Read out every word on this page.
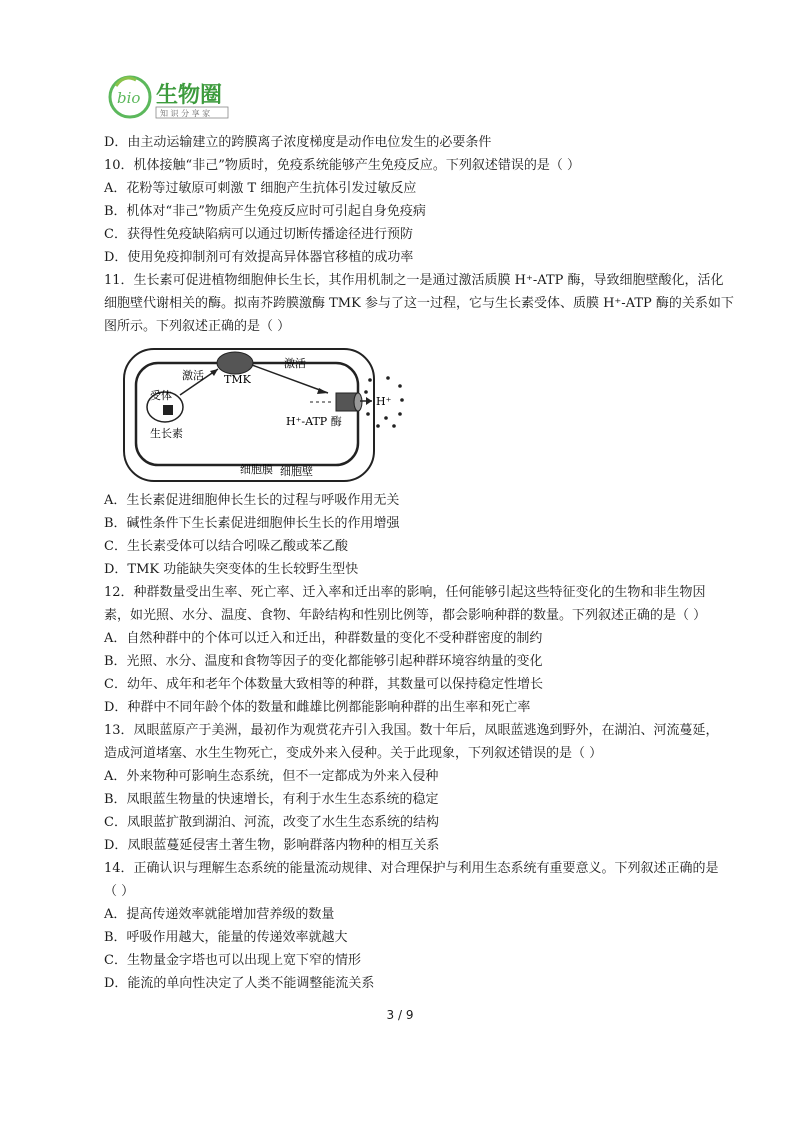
bio 生物圈
知 识 分 享 家
D．由主动运输建立的跨膜离子浓度梯度是动作电位发生的必要条件
10．机体接触“非己”物质时，免疫系统能够产生免疫反应。下列叙述错误的是（ ）
A．花粉等过敏原可刺激 T 细胞产生抗体引发过敏反应
B．机体对“非己”物质产生免疫反应时可引起自身免疫病
C．获得性免疫缺陷病可以通过切断传播途径进行预防
D．使用免疫抑制剂可有效提高异体器官移植的成功率
11．生长素可促进植物细胞伸长生长，其作用机制之一是通过激活质膜 H⁺-ATP 酶，导致细胞壁酸化，活化
细胞壁代谢相关的酶。拟南芥跨膜激酶 TMK 参与了这一过程，它与生长素受体、质膜 H⁺-ATP 酶的关系如下
图所示。下列叙述正确的是（ ）
TMK
受体
生长素
激活
激活
H⁺-ATP 酶
细胞膜 细胞壁
H⁺
A．生长素促进细胞伸长生长的过程与呼吸作用无关
B．碱性条件下生长素促进细胞伸长生长的作用增强
C．生长素受体可以结合吲哚乙酸或苯乙酸
D．TMK 功能缺失突变体的生长较野生型快
12．种群数量受出生率、死亡率、迁入率和迁出率的影响，任何能够引起这些特征变化的生物和非生物因
素，如光照、水分、温度、食物、年龄结构和性别比例等，都会影响种群的数量。下列叙述正确的是（ ）
A．自然种群中的个体可以迁入和迁出，种群数量的变化不受种群密度的制约
B．光照、水分、温度和食物等因子的变化都能够引起种群环境容纳量的变化
C．幼年、成年和老年个体数量大致相等的种群，其数量可以保持稳定性增长
D．种群中不同年龄个体的数量和雌雄比例都能影响种群的出生率和死亡率
13．凤眼蓝原产于美洲，最初作为观赏花卉引入我国。数十年后，凤眼蓝逃逸到野外，在湖泊、河流蔓延，
造成河道堵塞、水生生物死亡，变成外来入侵种。关于此现象，下列叙述错误的是（ ）
A．外来物种可影响生态系统，但不一定都成为外来入侵种
B．凤眼蓝生物量的快速增长，有利于水生生态系统的稳定
C．凤眼蓝扩散到湖泊、河流，改变了水生生态系统的结构
D．凤眼蓝蔓延侵害土著生物，影响群落内物种的相互关系
14．正确认识与理解生态系统的能量流动规律、对合理保护与利用生态系统有重要意义。下列叙述正确的是
（ ）
A．提高传递效率就能增加营养级的数量
B．呼吸作用越大，能量的传递效率就越大
C．生物量金字塔也可以出现上宽下窄的情形
D．能流的单向性决定了人类不能调整能流关系
3 / 9
